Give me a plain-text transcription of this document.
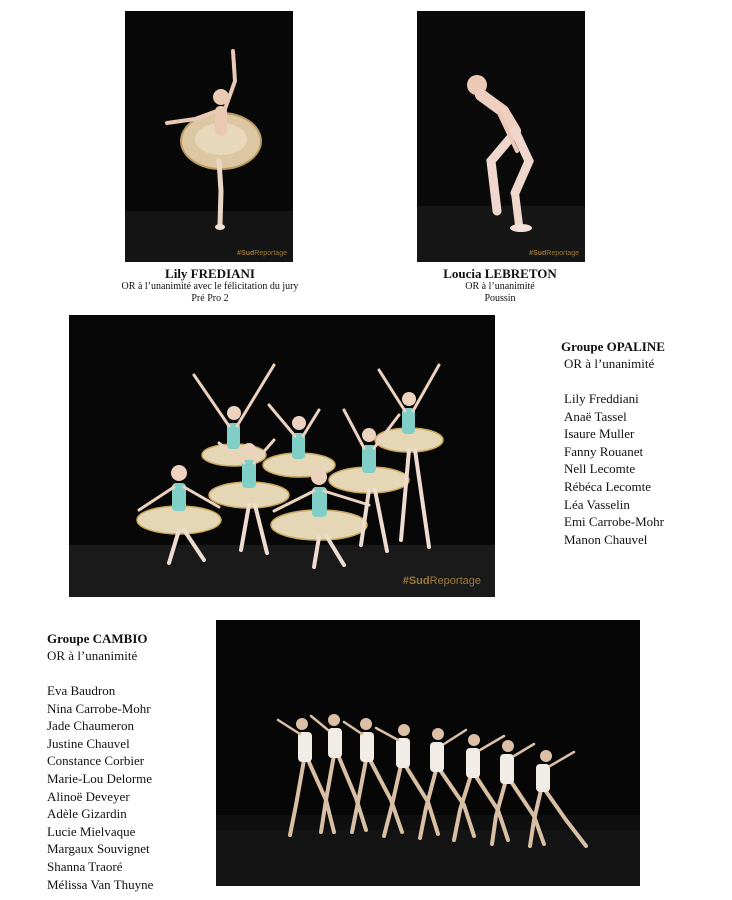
#SudReportage	#SudReportage
Lily FREDIANI
OR à l’unanimité avec le félicitation du jury
Pré Pro 2
Loucia LEBRETON
OR à l’unanimité
Poussin
#SudReportage
Groupe OPALINE
OR à l’unanimité
Lily Freddiani
Anaë Tassel
Isaure Muller
Fanny Rouanet
Nell Lecomte
Rébéca Lecomte
Léa Vasselin
Emi Carrobe-Mohr
Manon Chauvel
Groupe CAMBIO
OR à l’unanimité
Eva Baudron
Nina Carrobe-Mohr
Jade Chaumeron
Justine Chauvel
Constance Corbier
Marie-Lou Delorme
Alinoë Deveyer
Adèle Gizardin
Lucie Mielvaque
Margaux Souvignet
Shanna Traoré
Mélissa Van Thuyne
